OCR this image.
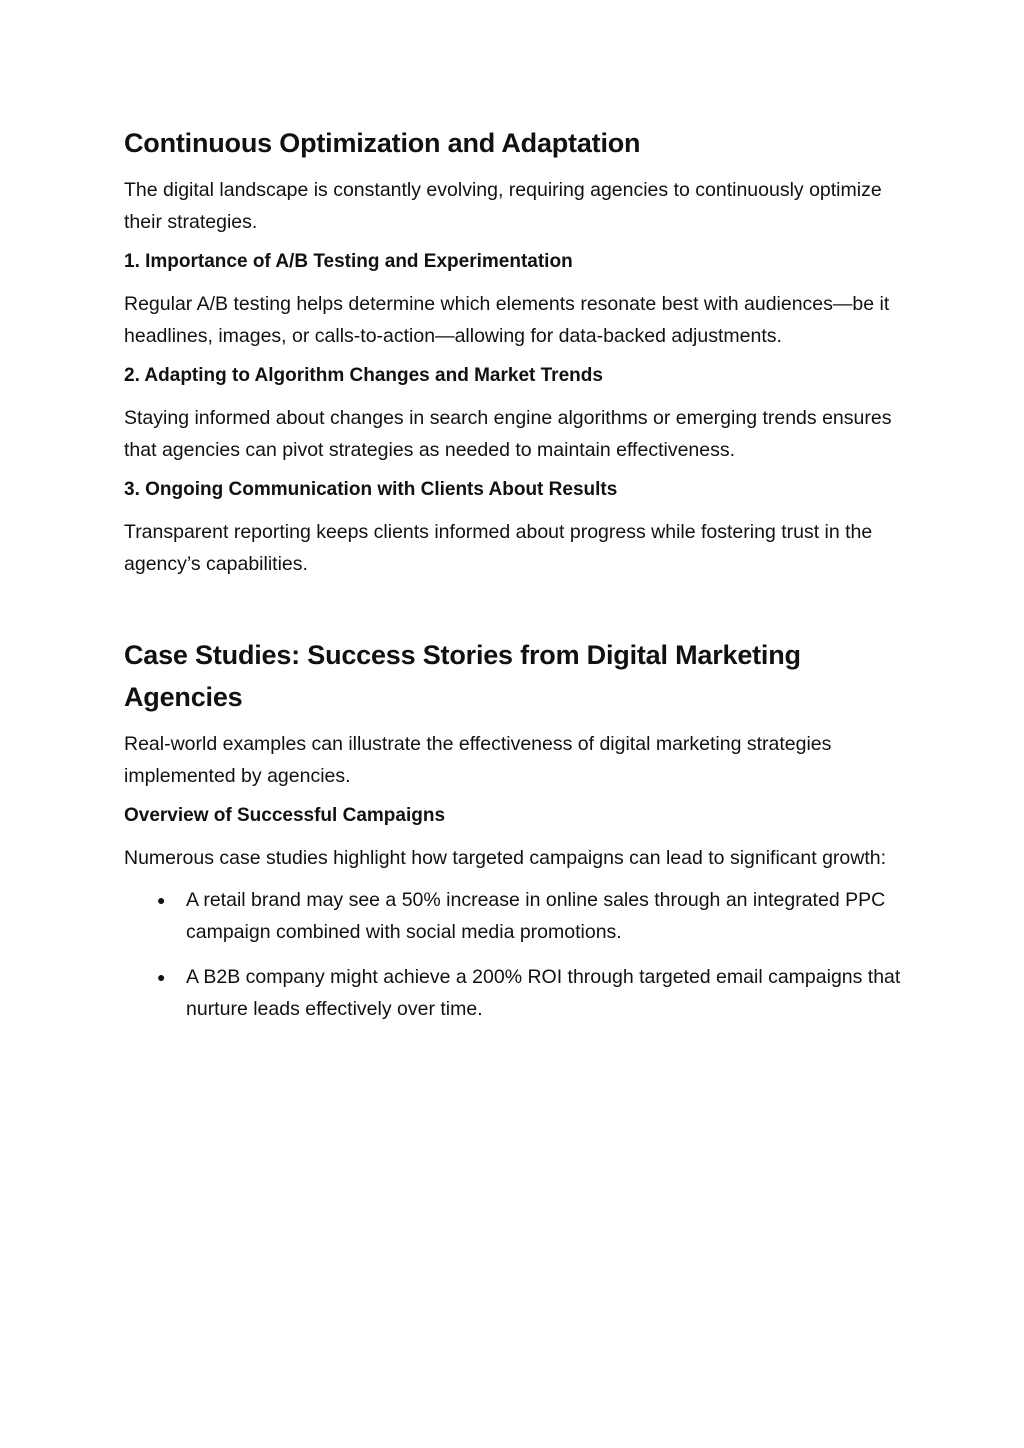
Continuous Optimization and Adaptation

The digital landscape is constantly evolving, requiring agencies to continuously optimize their strategies.

1. Importance of A/B Testing and Experimentation

Regular A/B testing helps determine which elements resonate best with audiences—be it headlines, images, or calls-to-action—allowing for data-backed adjustments.

2. Adapting to Algorithm Changes and Market Trends

Staying informed about changes in search engine algorithms or emerging trends ensures that agencies can pivot strategies as needed to maintain effectiveness.

3. Ongoing Communication with Clients About Results

Transparent reporting keeps clients informed about progress while fostering trust in the agency’s capabilities.

Case Studies: Success Stories from Digital Marketing Agencies

Real-world examples can illustrate the effectiveness of digital marketing strategies implemented by agencies.

Overview of Successful Campaigns

Numerous case studies highlight how targeted campaigns can lead to significant growth:

● A retail brand may see a 50% increase in online sales through an integrated PPC campaign combined with social media promotions.
● A B2B company might achieve a 200% ROI through targeted email campaigns that nurture leads effectively over time.
